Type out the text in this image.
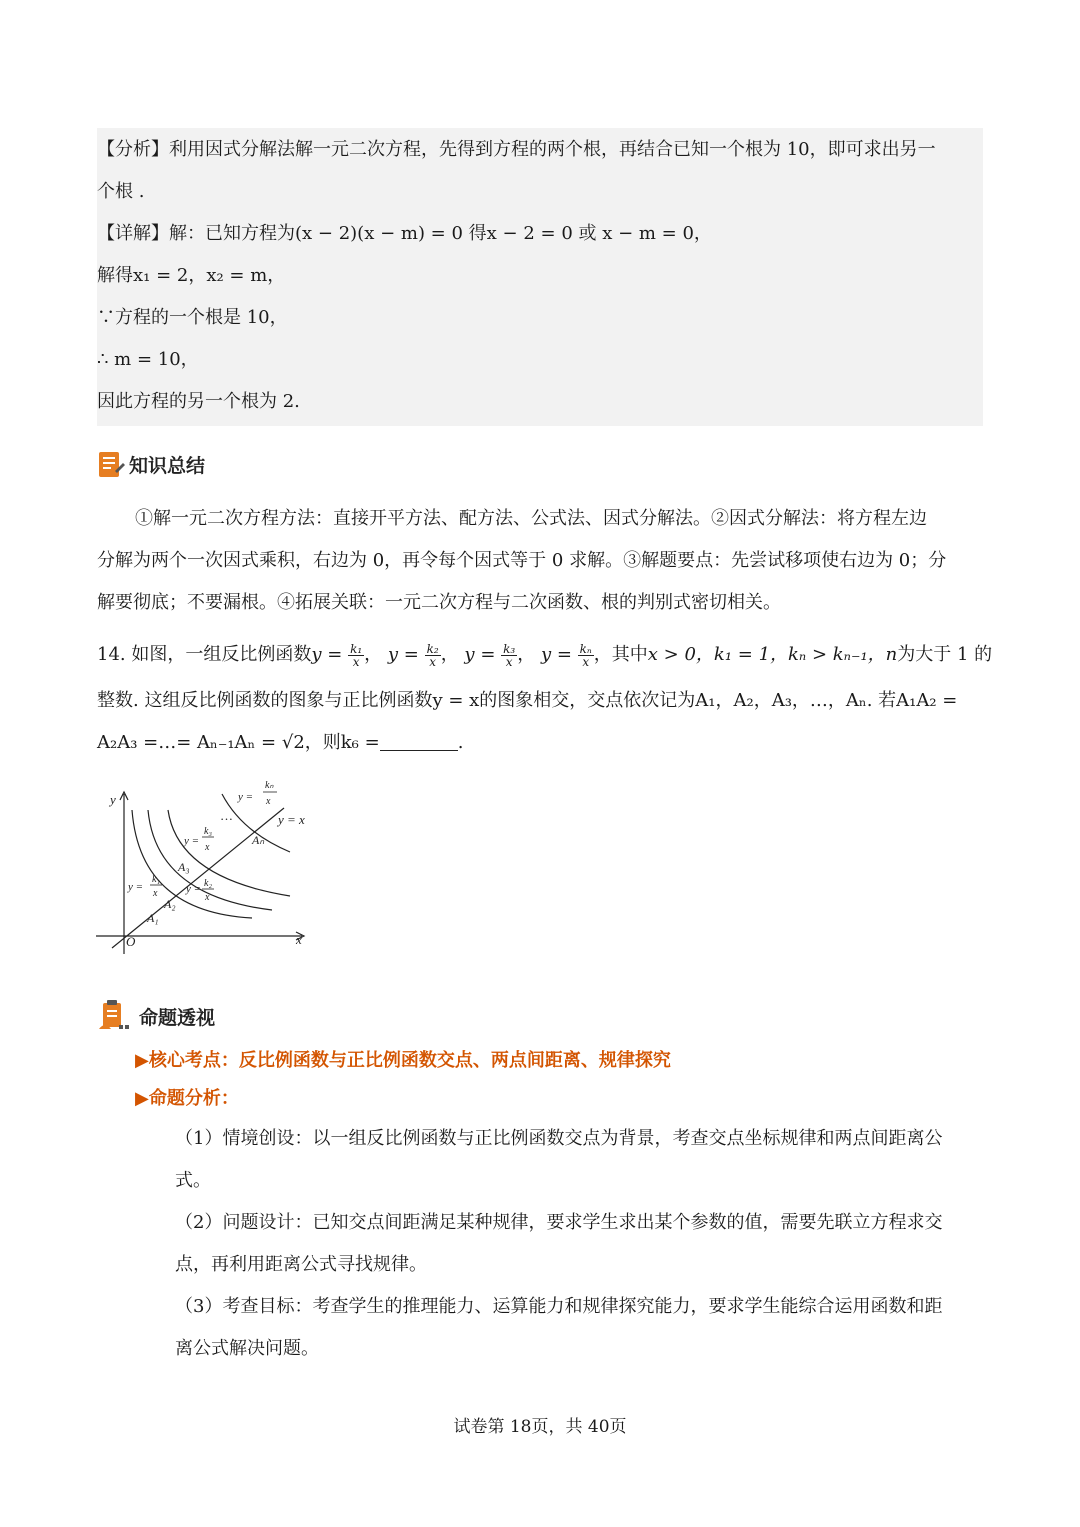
【分析】利用因式分解法解一元二次方程，先得到方程的两个根，再结合已知一个根为 10，即可求出另一
个根 .
【详解】解：已知方程为(x − 2)(x − m) = 0 得x − 2 = 0 或 x − m = 0，
解得x₁ = 2，x₂ = m，
∵方程的一个根是 10，
∴ m = 10，
因此方程的另一个根为 2.
知识总结
①解一元二次方程方法：直接开平方法、配方法、公式法、因式分解法。②因式分解法：将方程左边
分解为两个一次因式乘积，右边为 0，再令每个因式等于 0 求解。③解题要点：先尝试移项使右边为 0；分
解要彻底；不要漏根。④拓展关联：一元二次方程与二次函数、根的判别式密切相关。
14. 如图，一组反比例函数$y = \frac{\text{k₁}}{x}$ ， $y = \frac{\text{k₂}}{x}$ ， $y = \frac{\text{k₃}}{x}$ ， $y = \frac{\text{kₙ}}{x}$ ，其中x > 0，k₁ = 1，kₙ > kₙ₋₁，n为大于 1 的
整数. 这组反比例函数的图象与正比例函数y = x的图象相交，交点依次记为A₁，A₂，A₃，…，Aₙ. 若A₁A₂ =
A₂A₃ =…= Aₙ₋₁Aₙ = √2，则k₆ =	.
y
x
O
y = x
…
A₁
A₂
A₃
Aₙ
y =
k₁
x	y = k₂
x
y =
k₃
x
y =
kₙ
x
命题透视
▶核心考点：反比例函数与正比例函数交点、两点间距离、规律探究
▶命题分析：
（1）情境创设：以一组反比例函数与正比例函数交点为背景，考查交点坐标规律和两点间距离公
式。
（2）问题设计：已知交点间距满足某种规律，要求学生求出某个参数的值，需要先联立方程求交
点，再利用距离公式寻找规律。
（3）考查目标：考查学生的推理能力、运算能力和规律探究能力，要求学生能综合运用函数和距
离公式解决问题。
试卷第 18页，共 40页
